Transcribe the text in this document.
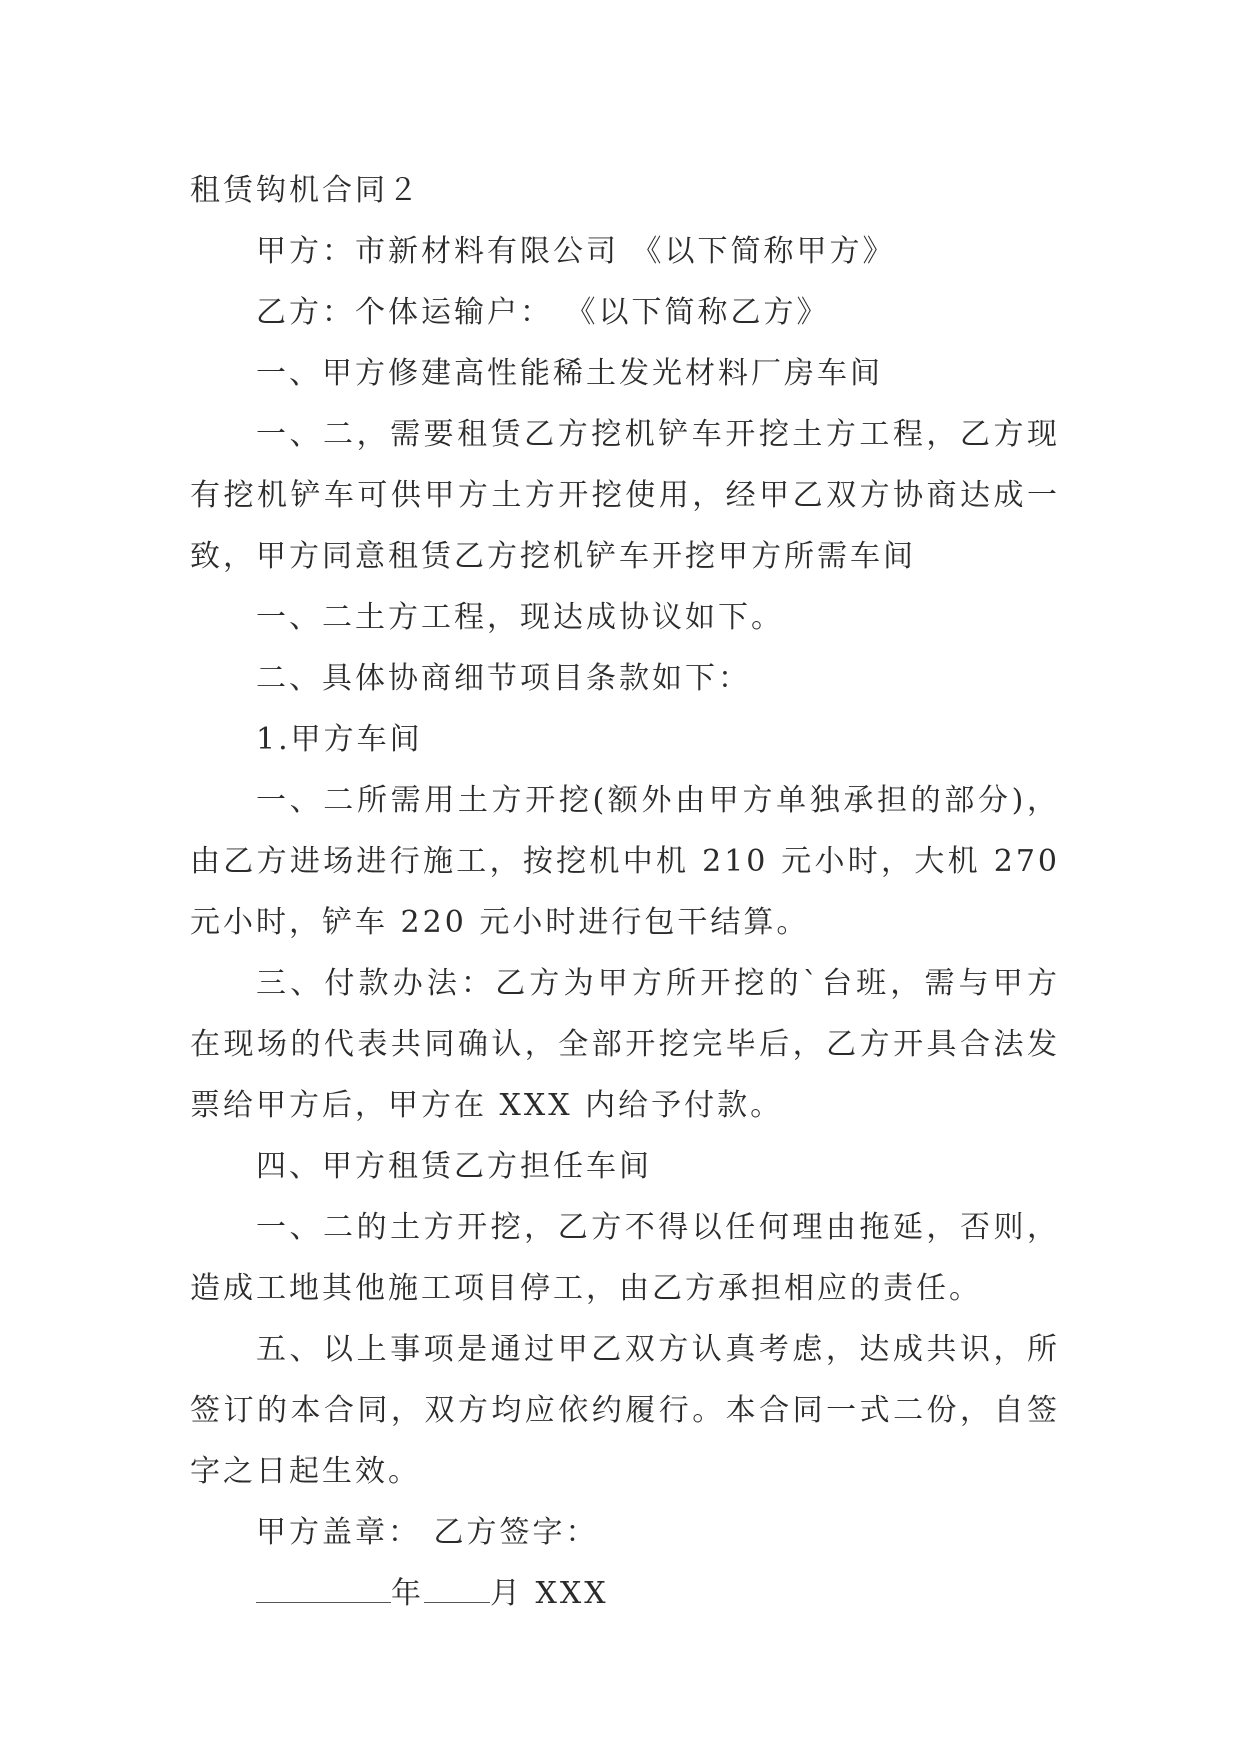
租赁钩机合同２

甲方：市新材料有限公司 《以下简称甲方》

乙方：个体运输户： 《以下简称乙方》

一、甲方修建高性能稀土发光材料厂房车间

一、二，需要租赁乙方挖机铲车开挖土方工程，乙方现有挖机铲车可供甲方土方开挖使用，经甲乙双方协商达成一致，甲方同意租赁乙方挖机铲车开挖甲方所需车间

一、二土方工程，现达成协议如下。

二、具体协商细节项目条款如下：

1.甲方车间

一、二所需用土方开挖(额外由甲方单独承担的部分)，由乙方进场进行施工，按挖机中机 210 元小时，大机 270 元小时，铲车 220 元小时进行包干结算。

三、付款办法：乙方为甲方所开挖的`台班，需与甲方在现场的代表共同确认，全部开挖完毕后，乙方开具合法发票给甲方后，甲方在 XXX 内给予付款。

四、甲方租赁乙方担任车间

一、二的土方开挖，乙方不得以任何理由拖延，否则，造成工地其他施工项目停工，由乙方承担相应的责任。

五、以上事项是通过甲乙双方认真考虑，达成共识，所签订的本合同，双方均应依约履行。本合同一式二份，自签字之日起生效。

甲方盖章： 乙方签字：

年 月 XXX
